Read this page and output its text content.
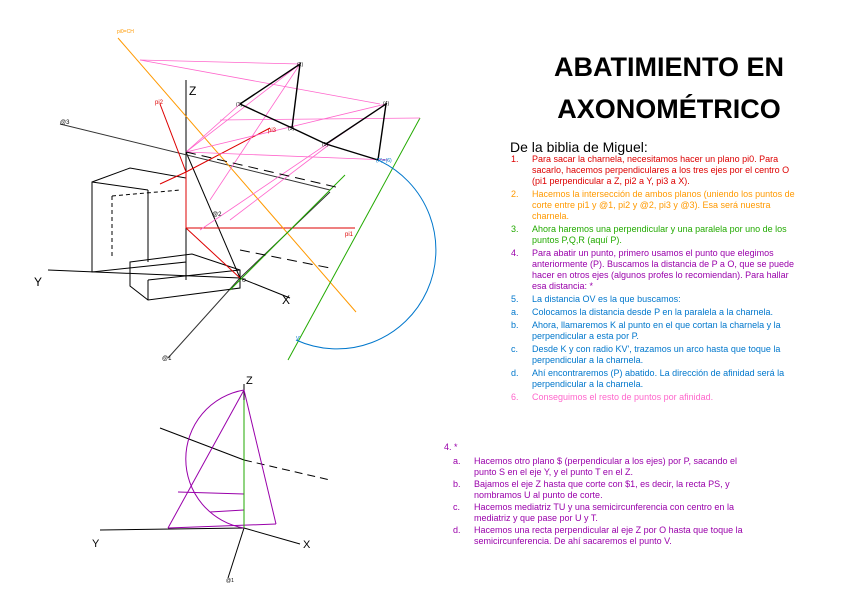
Z
Y
X
pi0=CH
pi1
pi2
pi3
@1
@2
@3
(1)
(2)
(3)
(4)
(5)
(P)=(6)
O
V'
Z
Y	X
@1
ABATIMIENTO EN
AXONOMÉTRICO
De la biblia de Miguel:
1. Para sacar la charnela, necesitamos hacer un plano pi0. Para sacarlo, hacemos perpendiculares a los tres ejes por el centro O (pi1 perpendicular a Z, pi2 a Y, pi3 a X).
2. Hacemos la intersección de ambos planos (uniendo los puntos de corte entre pi1 y @1, pi2 y @2, pi3 y @3). Esa será nuestra charnela.
3. Ahora haremos una perpendicular y una paralela por uno de los puntos P,Q,R (aquí P).
4. Para abatir un punto, primero usamos el punto que elegimos anteriormente (P). Buscamos la distancia de P a O, que se puede hacer en otros ejes (algunos profes lo recomiendan). Para hallar esa distancia: *
5. La distancia OV es la que buscamos:
a. Colocamos la distancia desde P en la paralela a la charnela.
b. Ahora, llamaremos K al punto en el que cortan la charnela y la perpendicular a esta por P.
c. Desde K y con radio KV', trazamos un arco hasta que toque la perpendicular a la charnela.
d. Ahí encontraremos (P) abatido. La dirección de afinidad será la perpendicular a la charnela.
6. Conseguimos el resto de puntos por afinidad.
4. *
a. Hacemos otro plano $ (perpendicular a los ejes) por P, sacando el punto S en el eje Y, y el punto T en el Z.
b. Bajamos el eje Z hasta que corte con $1, es decir, la recta PS, y nombramos U al punto de corte.
c. Hacemos mediatriz TU y una semicircunferencia con centro en la mediatriz y que pase por U y T.
d. Hacemos una recta perpendicular al eje Z por O hasta que toque la semicircunferencia. De ahí sacaremos el punto V.
